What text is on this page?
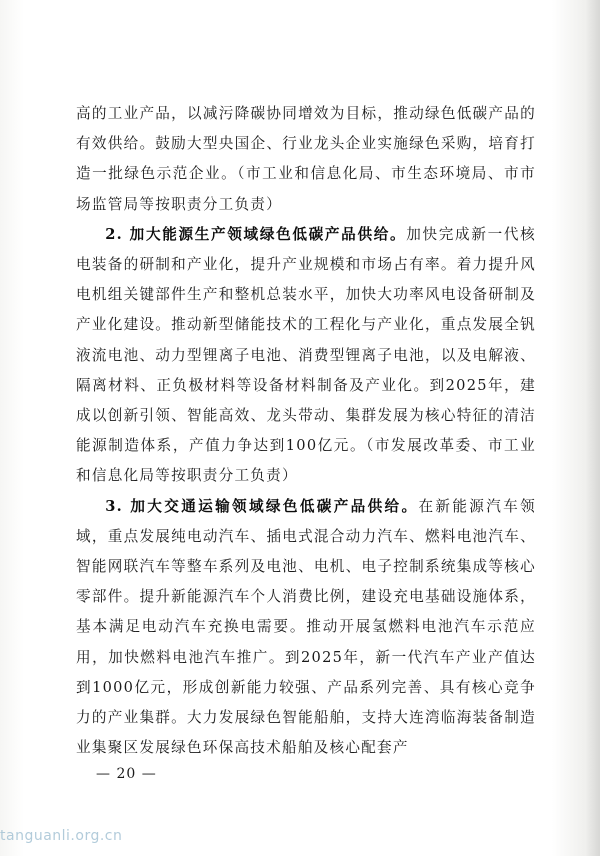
高的工业产品，以减污降碳协同增效为目标，推动绿色低碳产品的有效供给。鼓励大型央国企、行业龙头企业实施绿色采购，培育打造一批绿色示范企业。（市工业和信息化局、市生态环境局、市市场监管局等按职责分工负责）

2. 加大能源生产领域绿色低碳产品供给。加快完成新一代核电装备的研制和产业化，提升产业规模和市场占有率。着力提升风电机组关键部件生产和整机总装水平，加快大功率风电设备研制及产业化建设。推动新型储能技术的工程化与产业化，重点发展全钒液流电池、动力型锂离子电池、消费型锂离子电池，以及电解液、隔离材料、正负极材料等设备材料制备及产业化。到2025年，建成以创新引领、智能高效、龙头带动、集群发展为核心特征的清洁能源制造体系，产值力争达到100亿元。（市发展改革委、市工业和信息化局等按职责分工负责）

3. 加大交通运输领域绿色低碳产品供给。在新能源汽车领域，重点发展纯电动汽车、插电式混合动力汽车、燃料电池汽车、智能网联汽车等整车系列及电池、电机、电子控制系统集成等核心零部件。提升新能源汽车个人消费比例，建设充电基础设施体系，基本满足电动汽车充换电需要。推动开展氢燃料电池汽车示范应用，加快燃料电池汽车推广。到2025年，新一代汽车产业产值达到1000亿元，形成创新能力较强、产品系列完善、具有核心竞争力的产业集群。大力发展绿色智能船舶，支持大连湾临海装备制造业集聚区发展绿色环保高技术船舶及核心配套产

— 20 —
tanguanli.org.cn
